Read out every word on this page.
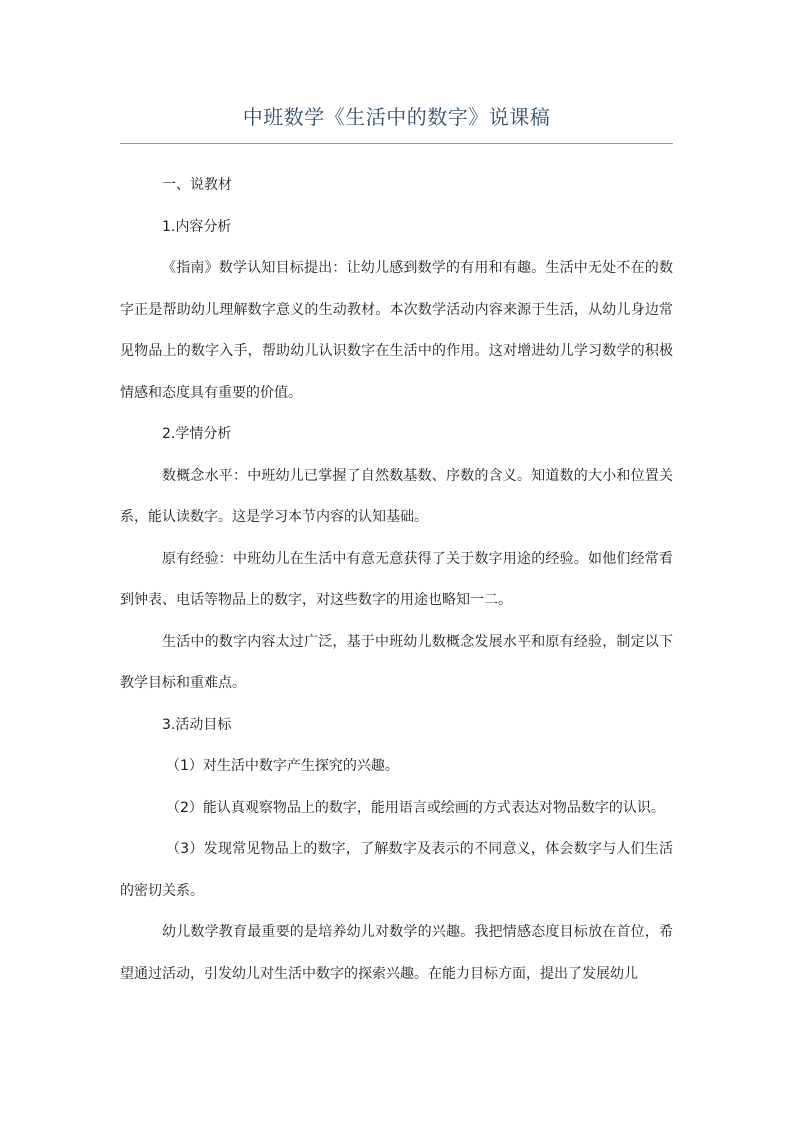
中班数学《生活中的数字》说课稿

一、说教材

1.内容分析

《指南》数学认知目标提出：让幼儿感到数学的有用和有趣。生活中无处不在的数字正是帮助幼儿理解数字意义的生动教材。本次数学活动内容来源于生活，从幼儿身边常见物品上的数字入手，帮助幼儿认识数字在生活中的作用。这对增进幼儿学习数学的积极情感和态度具有重要的价值。

2.学情分析

数概念水平：中班幼儿已掌握了自然数基数、序数的含义。知道数的大小和位置关系，能认读数字。这是学习本节内容的认知基础。

原有经验：中班幼儿在生活中有意无意获得了关于数字用途的经验。如他们经常看到钟表、电话等物品上的数字，对这些数字的用途也略知一二。

生活中的数字内容太过广泛，基于中班幼儿数概念发展水平和原有经验，制定以下教学目标和重难点。

3.活动目标

（1）对生活中数字产生探究的兴趣。

（2）能认真观察物品上的数字，能用语言或绘画的方式表达对物品数字的认识。

（3）发现常见物品上的数字，了解数字及表示的不同意义，体会数字与人们生活的密切关系。

幼儿数学教育最重要的是培养幼儿对数学的兴趣。我把情感态度目标放在首位，希望通过活动，引发幼儿对生活中数字的探索兴趣。在能力目标方面，提出了发展幼儿
